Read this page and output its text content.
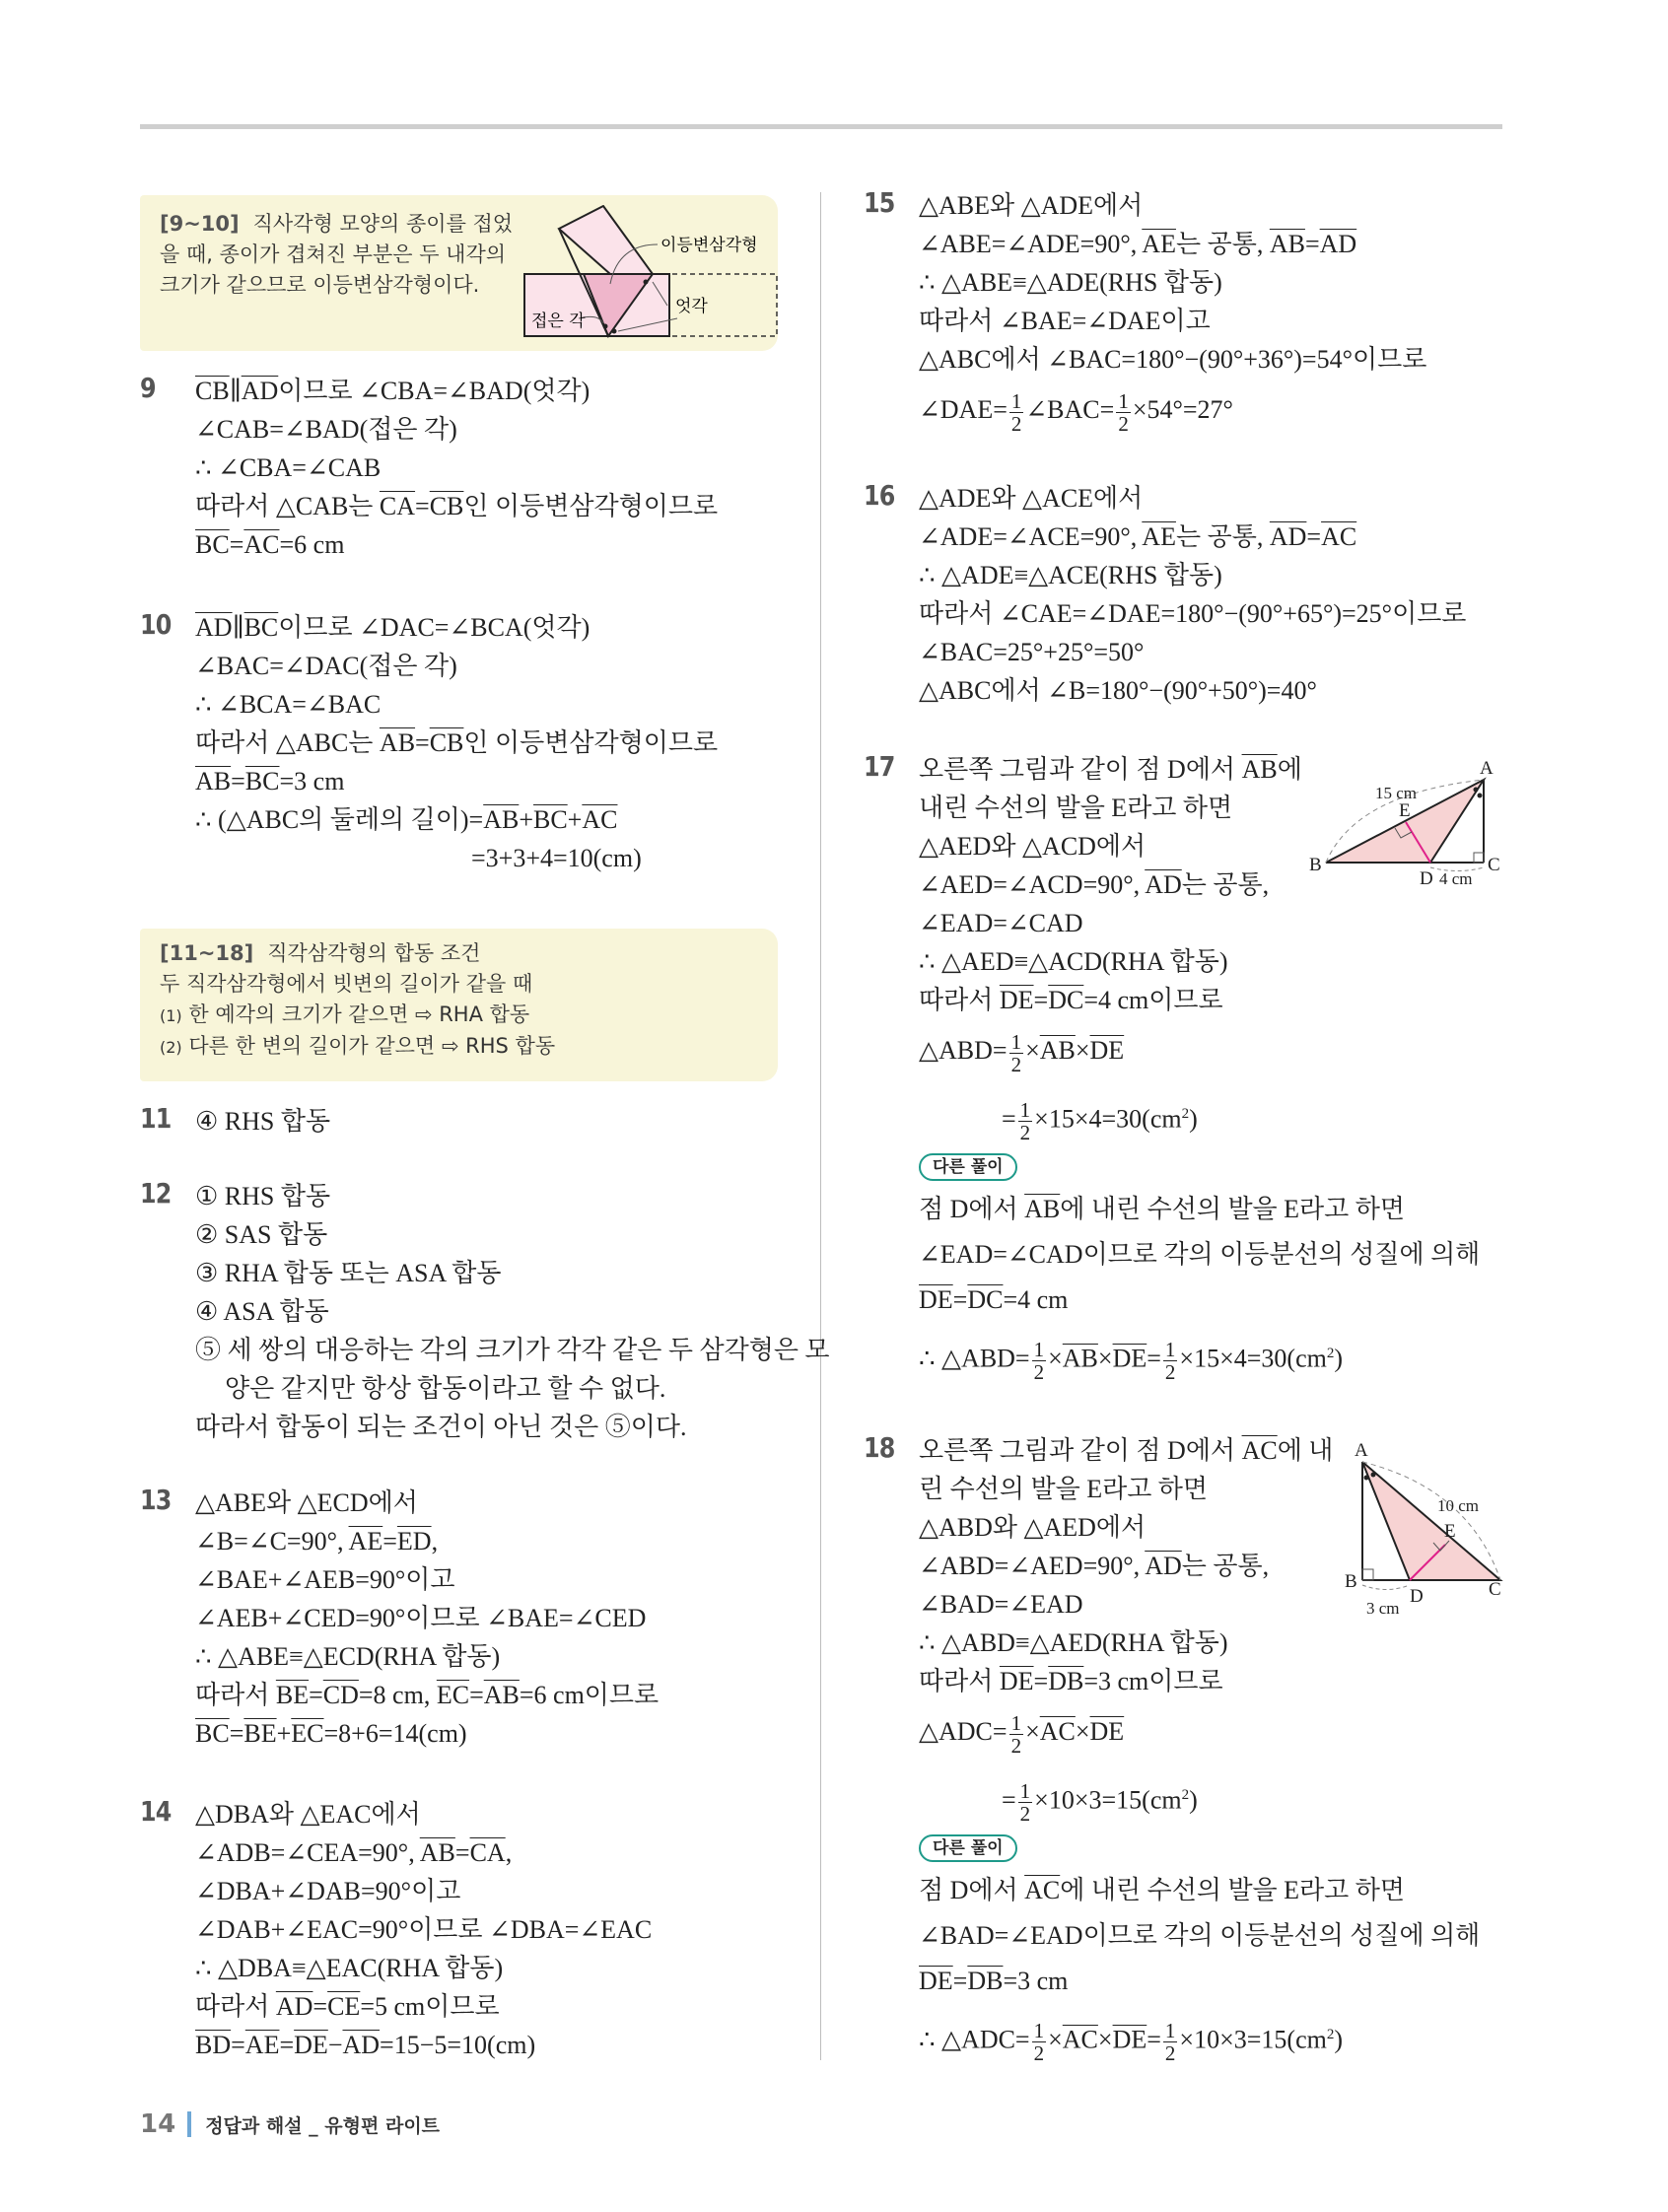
[9~10] 직사각형 모양의 종이를 접었
을 때, 종이가 겹쳐진 부분은 두 내각의
크기가 같으므로 이등변삼각형이다.
이등변삼각형
엇각
접은 각
[11~18] 직각삼각형의 합동 조건
두 직각삼각형에서 빗변의 길이가 같을 때
(1) 한 예각의 크기가 같으면 ⇨ RHA 합동
(2) 다른 한 변의 길이가 같으면 ⇨ RHS 합동
9 $\overline{CB}\parallel\overline{AD}$이므로 ∠CBA=∠BAD(엇각)
∠CAB=∠BAD(접은 각)
∴ ∠CBA=∠CAB
따라서 △CAB는 $\overline{CA}=\overline{CB}$인 이등변삼각형이므로
$\overline{BC}=\overline{AC}=6$ cm
10 $\overline{AD}\parallel\overline{BC}$이므로 ∠DAC=∠BCA(엇각)
∠BAC=∠DAC(접은 각)
∴ ∠BCA=∠BAC
따라서 △ABC는 $\overline{AB}=\overline{CB}$인 이등변삼각형이므로
$\overline{AB}=\overline{BC}=3$ cm
∴ (△ABC의 둘레의 길이)$=\overline{AB}+\overline{BC}+\overline{AC}$
=3+3+4=10(cm)
11 ④ RHS 합동
12 ① RHS 합동
② SAS 합동
③ RHA 합동 또는 ASA 합동
④ ASA 합동
⑤ 세 쌍의 대응하는 각의 크기가 각각 같은 두 삼각형은 모
양은 같지만 항상 합동이라고 할 수 없다.
따라서 합동이 되는 조건이 아닌 것은 ⑤이다.
13 △ABE와 △ECD에서
∠B=∠C=90°, $\overline{AE}=\overline{ED}$,
∠BAE+∠AEB=90°이고
∠AEB+∠CED=90°이므로 ∠BAE=∠CED
∴ △ABE≡△ECD(RHA 합동)
따라서 $\overline{BE}=\overline{CD}=8$ cm, $\overline{EC}=\overline{AB}=6$ cm이므로
$\overline{BC}=\overline{BE}+\overline{EC}=8+6=14(cm)$
14 △DBA와 △EAC에서
∠ADB=∠CEA=90°, $\overline{AB}=\overline{CA}$,
∠DBA+∠DAB=90°이고
∠DAB+∠EAC=90°이므로 ∠DBA=∠EAC
∴ △DBA≡△EAC(RHA 합동)
따라서 $\overline{AD}=\overline{CE}=5$ cm이므로
$\overline{BD}=\overline{AE}=\overline{DE}-\overline{AD}=15-5=10(cm)$
15 △ABE와 △ADE에서
∠ABE=∠ADE=90°, $\overline{AE}$는 공통, $\overline{AB}=\overline{AD}$
∴ △ABE≡△ADE(RHS 합동)
따라서 ∠BAE=∠DAE이고
△ABC에서 ∠BAC=180°−(90°+36°)=54°이므로
∠DAE= $\frac{1}{2}$ ∠BAC= $\frac{1}{2} \times 54^\circ=27^\circ$
16 △ADE와 △ACE에서
∠ADE=∠ACE=90°, $\overline{AE}$는 공통, $\overline{AD}=\overline{AC}$
∴ △ADE≡△ACE(RHS 합동)
따라서 ∠CAE=∠DAE=180°−(90°+65°)=25°이므로
∠BAC=25°+25°=50°
△ABC에서 ∠B=180°−(90°+50°)=40°
17 오른쪽 그림과 같이 점 D에서 $\overline{AB}$에
내린 수선의 발을 E라고 하면
△AED와 △ACD에서
∠AED=∠ACD=90°, $\overline{AD}$는 공통,
∠EAD=∠CAD
∴ △AED≡△ACD(RHA 합동)
따라서 $\overline{DE}=\overline{DC}=4$ cm이므로
△ABD= $\frac{1}{2} \times\overline{AB}\times\overline{DE}$
= $\frac{1}{2} \times 15\times 4=30(cm^2)$
다른 풀이
점 D에서 $\overline{AB}$에 내린 수선의 발을 E라고 하면
∠EAD=∠CAD이므로 각의 이등분선의 성질에 의해
$\overline{DE}=\overline{DC}=4$ cm
∴ △ABD= $\frac{1}{2} \times\overline{AB}\times\overline{DE}= \frac{1}{2} \times 15\times 4=30(cm^2)$
18 오른쪽 그림과 같이 점 D에서 $\overline{AC}$에 내
린 수선의 발을 E라고 하면
△ABD와 △AED에서
∠ABD=∠AED=90°, $\overline{AD}$는 공통,
∠BAD=∠EAD
∴ △ABD≡△AED(RHA 합동)
따라서 $\overline{DE}=\overline{DB}=3$ cm이므로
△ADC= $\frac{1}{2} \times\overline{AC}\times\overline{DE}$
= $\frac{1}{2} \times 10\times 3=15(cm^2)$
다른 풀이
점 D에서 $\overline{AC}$에 내린 수선의 발을 E라고 하면
∠BAD=∠EAD이므로 각의 이등분선의 성질에 의해
$\overline{DE}=\overline{DB}=3$ cm
∴ △ADC= $\frac{1}{2} \times\overline{AC}\times\overline{DE}= \frac{1}{2} \times 10\times 3=15(cm^2)$
A
B	C
D
E
15 cm
4 cm
A
B	C
D
E
10 cm
3 cm
14 정답과 해설 _ 유형편 라이트
